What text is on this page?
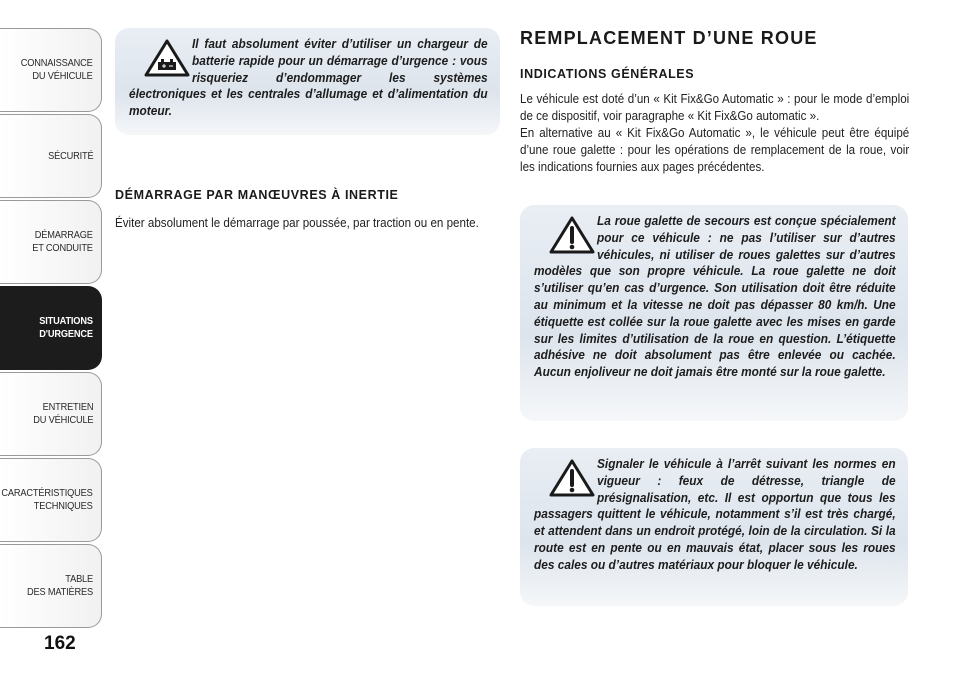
CONNAISSANCE
DU VÉHICULE
SÉCURITÉ
DÉMARRAGE
ET CONDUITE
SITUATIONS
D'URGENCE
ENTRETIEN
DU VÉHICULE
CARACTÉRISTIQUES
TECHNIQUES
TABLE
DES MATIÈRES
162

Il faut absolument éviter d’utiliser un chargeur de batterie rapide pour un démarrage d’urgence : vous risqueriez d’endommager les systèmes électroniques et les centrales d’allumage et d’alimentation du moteur.

DÉMARRAGE PAR MANŒUVRES À INERTIE

Éviter absolument le démarrage par poussée, par traction ou en pente.

REMPLACEMENT D’UNE ROUE

INDICATIONS GÉNÉRALES

Le véhicule est doté d’un « Kit Fix&Go Automatic » : pour le mode d’emploi de ce dispositif, voir paragraphe « Kit Fix&Go automatic ».

En alternative au « Kit Fix&Go Automatic », le véhicule peut être équipé d’une roue galette : pour les opérations de remplacement de la roue, voir les indications fournies aux pages précédentes.

La roue galette de secours est conçue spécialement pour ce véhicule : ne pas l’utiliser sur d’autres véhicules, ni utiliser de roues galettes sur d’autres modèles que son propre véhicule. La roue galette ne doit s’utiliser qu’en cas d’urgence. Son utilisation doit être réduite au minimum et la vitesse ne doit pas dépasser 80 km/h. Une étiquette est collée sur la roue galette avec les mises en garde sur les limites d’utilisation de la roue en question. L’étiquette adhésive ne doit absolument pas être enlevée ou cachée. Aucun enjoliveur ne doit jamais être monté sur la roue galette.

Signaler le véhicule à l’arrêt suivant les normes en vigueur : feux de détresse, triangle de présignalisation, etc. Il est opportun que tous les passagers quittent le véhicule, notamment s’il est très chargé, et attendent dans un endroit protégé, loin de la circulation. Si la route est en pente ou en mauvais état, placer sous les roues des cales ou d’autres matériaux pour bloquer le véhicule.
